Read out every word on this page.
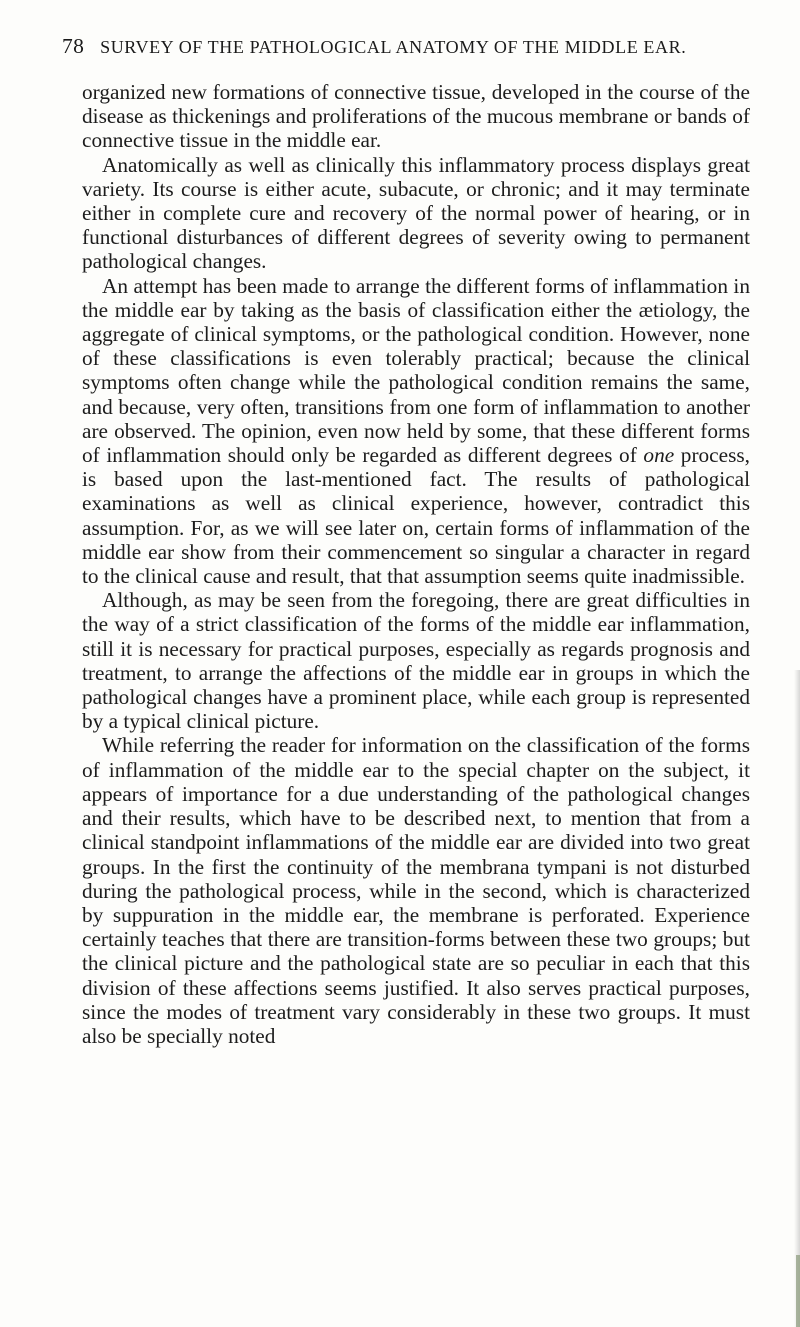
78 SURVEY OF THE PATHOLOGICAL ANATOMY OF THE MIDDLE EAR.

organized new formations of connective tissue, developed in the course of the disease as thickenings and proliferations of the mucous membrane or bands of connective tissue in the middle ear.

Anatomically as well as clinically this inflammatory process displays great variety. Its course is either acute, subacute, or chronic; and it may terminate either in complete cure and recovery of the normal power of hearing, or in functional disturbances of different degrees of severity owing to permanent pathological changes.

An attempt has been made to arrange the different forms of inflammation in the middle ear by taking as the basis of classification either the ætiology, the aggregate of clinical symptoms, or the pathological condition. However, none of these classifications is even tolerably practical; because the clinical symptoms often change while the pathological condition remains the same, and because, very often, transitions from one form of inflammation to another are observed. The opinion, even now held by some, that these different forms of inflammation should only be regarded as different degrees of one process, is based upon the last-mentioned fact. The results of pathological examinations as well as clinical experience, however, contradict this assumption. For, as we will see later on, certain forms of inflammation of the middle ear show from their commencement so singular a character in regard to the clinical cause and result, that that assumption seems quite inadmissible.

Although, as may be seen from the foregoing, there are great difficulties in the way of a strict classification of the forms of the middle ear inflammation, still it is necessary for practical purposes, especially as regards prognosis and treatment, to arrange the affections of the middle ear in groups in which the pathological changes have a prominent place, while each group is represented by a typical clinical picture.

While referring the reader for information on the classification of the forms of inflammation of the middle ear to the special chapter on the subject, it appears of importance for a due understanding of the pathological changes and their results, which have to be described next, to mention that from a clinical standpoint inflammations of the middle ear are divided into two great groups. In the first the continuity of the membrana tympani is not disturbed during the pathological process, while in the second, which is characterized by suppuration in the middle ear, the membrane is perforated. Experience certainly teaches that there are transition-forms between these two groups; but the clinical picture and the pathological state are so peculiar in each that this division of these affections seems justified. It also serves practical purposes, since the modes of treatment vary considerably in these two groups. It must also be specially noted
